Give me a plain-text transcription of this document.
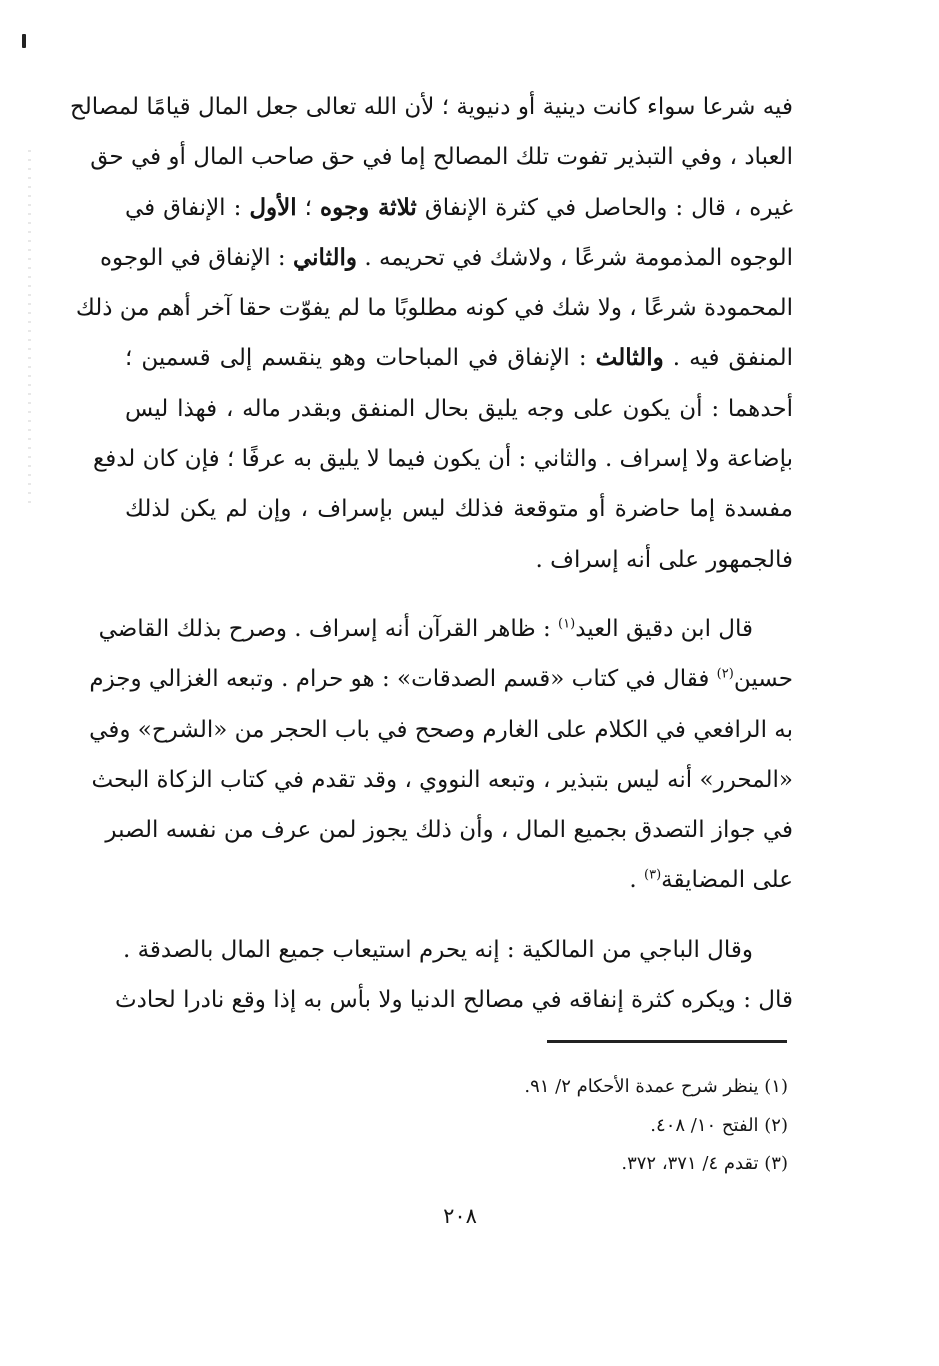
فيه شرعا سواء كانت دينية أو دنيوية ؛ لأن الله تعالى جعل المال قيامًا لمصالح
العباد ، وفي التبذير تفوت تلك المصالح إما في حق صاحب المال أو في حق
غيره ، قال : والحاصل في كثرة الإنفاق ثلاثة وجوه ؛ الأول : الإنفاق في
الوجوه المذمومة شرعًا ، ولاشك في تحريمه . والثاني : الإنفاق في الوجوه
المحمودة شرعًا ، ولا شك في كونه مطلوبًا ما لم يفوّت حقا آخر أهم من ذلك
المنفق فيه . والثالث : الإنفاق في المباحات وهو ينقسم إلى قسمين ؛
أحدهما : أن يكون على وجه يليق بحال المنفق وبقدر ماله ، فهذا ليس
بإضاعة ولا إسراف . والثاني : أن يكون فيما لا يليق به عرفًا ؛ فإن كان لدفع
مفسدة إما حاضرة أو متوقعة فذلك ليس بإسراف ، وإن لم يكن لذلك
فالجمهور على أنه إسراف .
قال ابن دقيق العيد$^{(١)}$ : ظاهر القرآن أنه إسراف . وصرح بذلك القاضي
حسين$^{(٢)}$ فقال في كتاب «قسم الصدقات» : هو حرام . وتبعه الغزالي وجزم
به الرافعي في الكلام على الغارم وصحح في باب الحجر من «الشرح» وفي
«المحرر» أنه ليس بتبذير ، وتبعه النووي ، وقد تقدم في كتاب الزكاة البحث
في جواز التصدق بجميع المال ، وأن ذلك يجوز لمن عرف من نفسه الصبر
على المضايقة$^{(٣)}$ .
وقال الباجي من المالكية : إنه يحرم استيعاب جميع المال بالصدقة .
قال : ويكره كثرة إنفاقه في مصالح الدنيا ولا بأس به إذا وقع نادرا لحادث
(١) ينظر شرح عمدة الأحكام ٢/ ٩١.
(٢) الفتح ١٠/ ٤٠٨.
(٣) تقدم ٤/ ٣٧١، ٣٧٢.
٢٠٨
